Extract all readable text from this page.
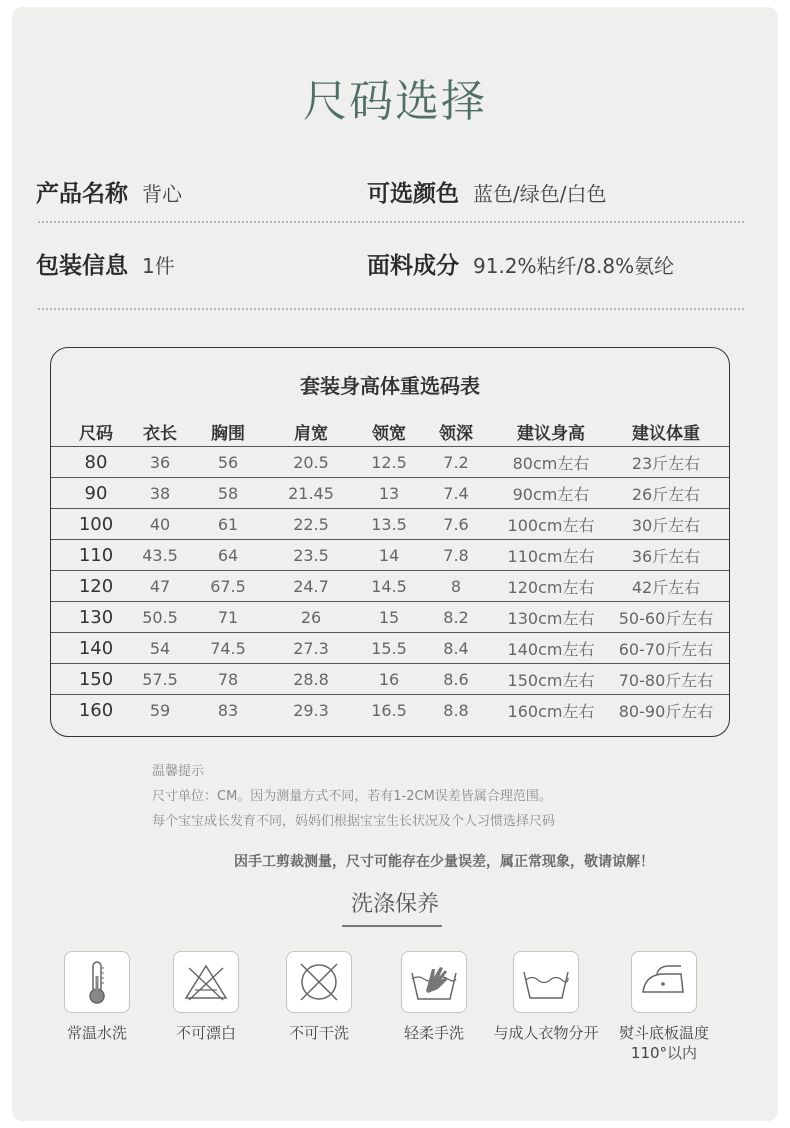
尺码选择
产品名称 背心	可选颜色 蓝色/绿色/白色
包装信息 1件	面料成分 91.2%粘纤/8.8%氨纶
套装身高体重选码表
尺码	衣长	胸围	肩宽	领宽	领深	建议身高	建议体重
80	36	56	20.5	12.5	7.2	80cm左右	23斤左右
90	38	58	21.45	13	7.4	90cm左右	26斤左右
100	40	61	22.5	13.5	7.6	100cm左右	30斤左右
110	43.5	64	23.5	14	7.8	110cm左右	36斤左右
120	47	67.5	24.7	14.5	8	120cm左右	42斤左右
130	50.5	71	26	15	8.2	130cm左右	50-60斤左右
140	54	74.5	27.3	15.5	8.4	140cm左右	60-70斤左右
150	57.5	78	28.8	16	8.6	150cm左右	70-80斤左右
160	59	83	29.3	16.5	8.8	160cm左右	80-90斤左右

温馨提示

尺寸单位：CM。因为测量方式不同，若有1-2CM误差皆属合理范围。

每个宝宝成长发育不同，妈妈们根据宝宝生长状况及个人习惯选择尺码

因手工剪裁测量，尺寸可能存在少量误差，属正常现象，敬请谅解！
洗涤保养
常温水洗	不可漂白	不可干洗	轻柔手洗	与成人衣物分开	熨斗底板温度
110°以内
